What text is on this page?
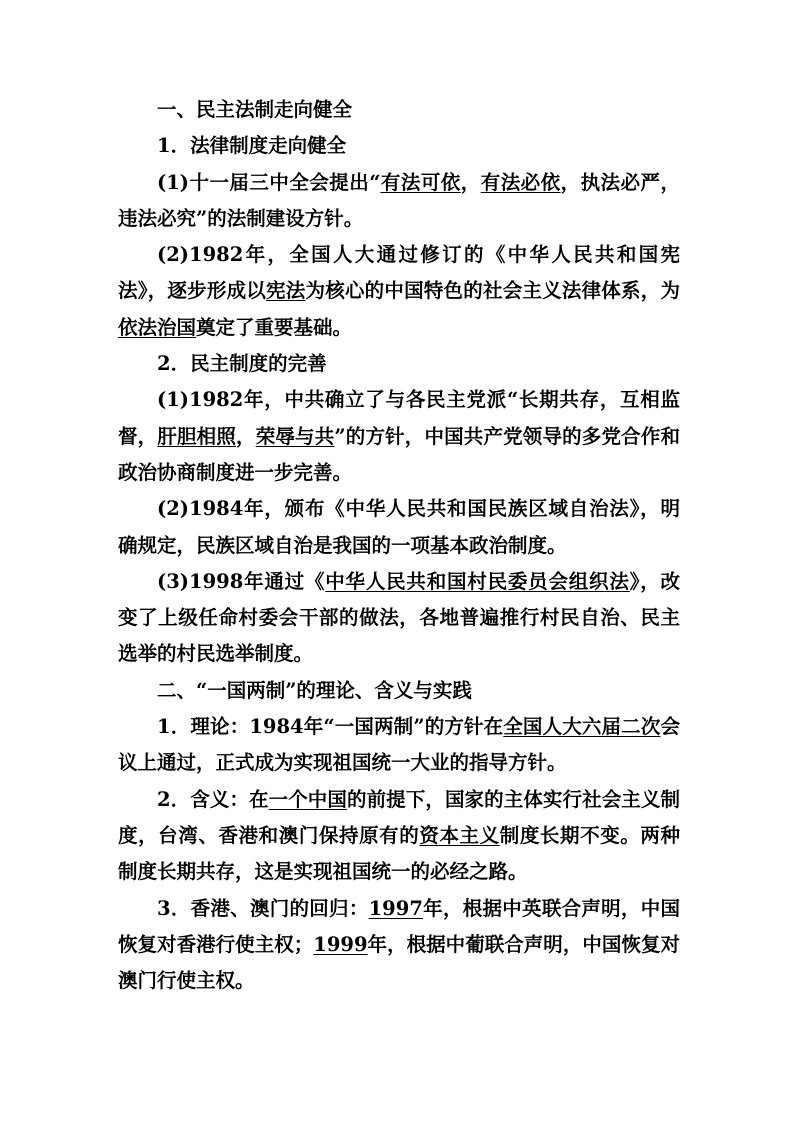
一、民主法制走向健全

1．法律制度走向健全

(1)十一届三中全会提出“有法可依，有法必依，执法必严，违法必究”的法制建设方针。

(2)1982年，全国人大通过修订的《中华人民共和国宪法》，逐步形成以宪法为核心的中国特色的社会主义法律体系，为依法治国奠定了重要基础。

2．民主制度的完善

(1)1982年，中共确立了与各民主党派“长期共存，互相监督，肝胆相照，荣辱与共”的方针，中国共产党领导的多党合作和政治协商制度进一步完善。

(2)1984年，颁布《中华人民共和国民族区域自治法》，明确规定，民族区域自治是我国的一项基本政治制度。

(3)1998年通过《中华人民共和国村民委员会组织法》，改变了上级任命村委会干部的做法，各地普遍推行村民自治、民主选举的村民选举制度。

二、“一国两制”的理论、含义与实践

1．理论：1984年“一国两制”的方针在全国人大六届二次会议上通过，正式成为实现祖国统一大业的指导方针。

2．含义：在一个中国的前提下，国家的主体实行社会主义制度，台湾、香港和澳门保持原有的资本主义制度长期不变。两种制度长期共存，这是实现祖国统一的必经之路。

3．香港、澳门的回归：1997年，根据中英联合声明，中国恢复对香港行使主权；1999年，根据中葡联合声明，中国恢复对澳门行使主权。
